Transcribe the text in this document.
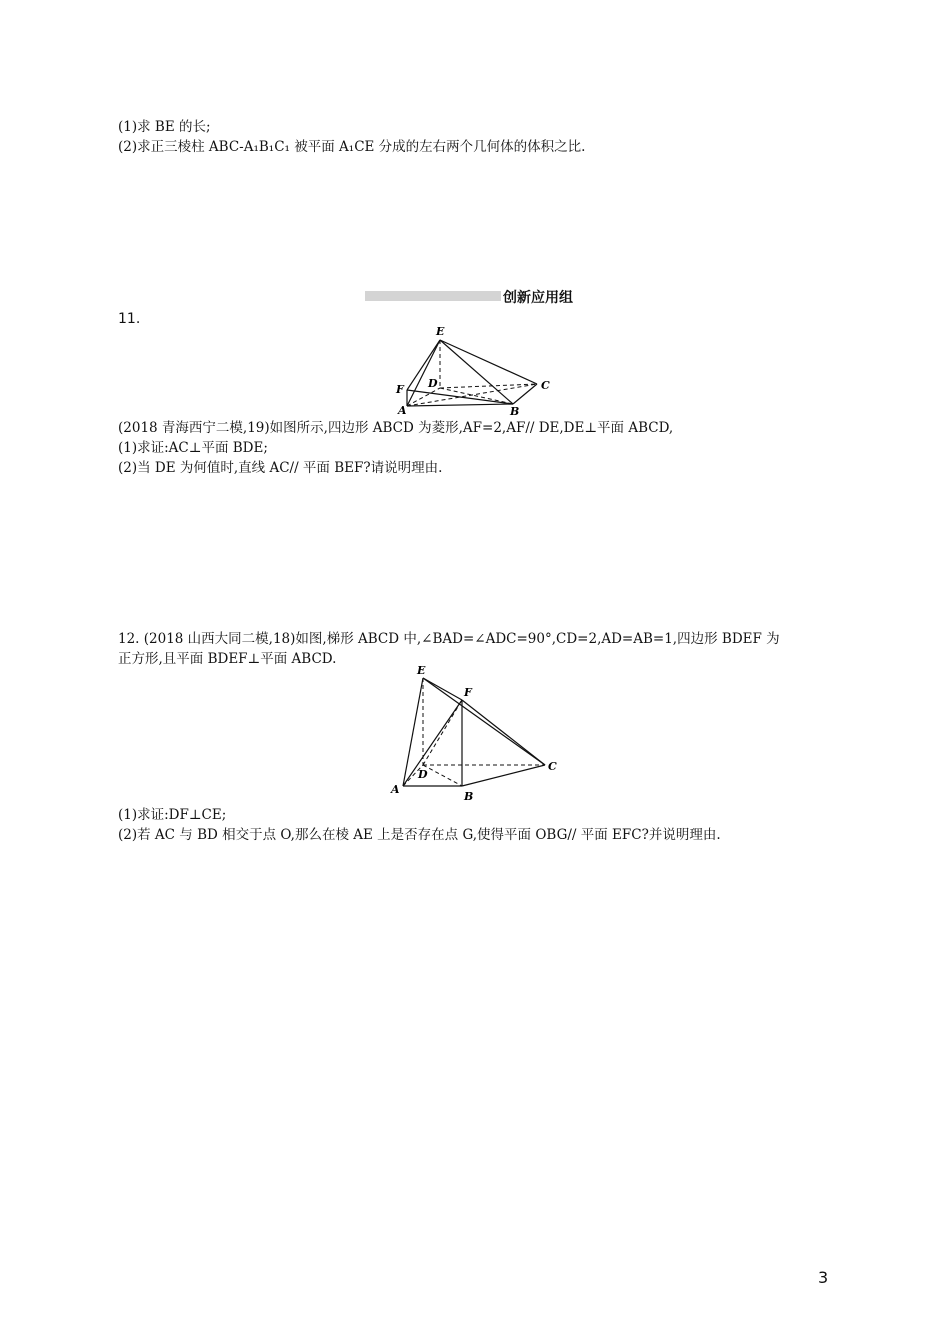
(1)求 BE 的长;
(2)求正三棱柱 ABC-A₁B₁C₁ 被平面 A₁CE 分成的左右两个几何体的体积之比.
创新应用组
11.
E
F D	C
A	B
(2018 青海西宁二模,19)如图所示,四边形 ABCD 为菱形,AF=2,AF// DE,DE⊥平面 ABCD,
(1)求证:AC⊥平面 BDE;
(2)当 DE 为何值时,直线 AC// 平面 BEF?请说明理由.
12. (2018 山西大同二模,18)如图,梯形 ABCD 中,∠BAD=∠ADC=90°,CD=2,AD=AB=1,四边形 BDEF 为
正方形,且平面 BDEF⊥平面 ABCD.
E
F
D
C
A
B
(1)求证:DF⊥CE;
(2)若 AC 与 BD 相交于点 O,那么在棱 AE 上是否存在点 G,使得平面 OBG// 平面 EFC?并说明理由.
3
